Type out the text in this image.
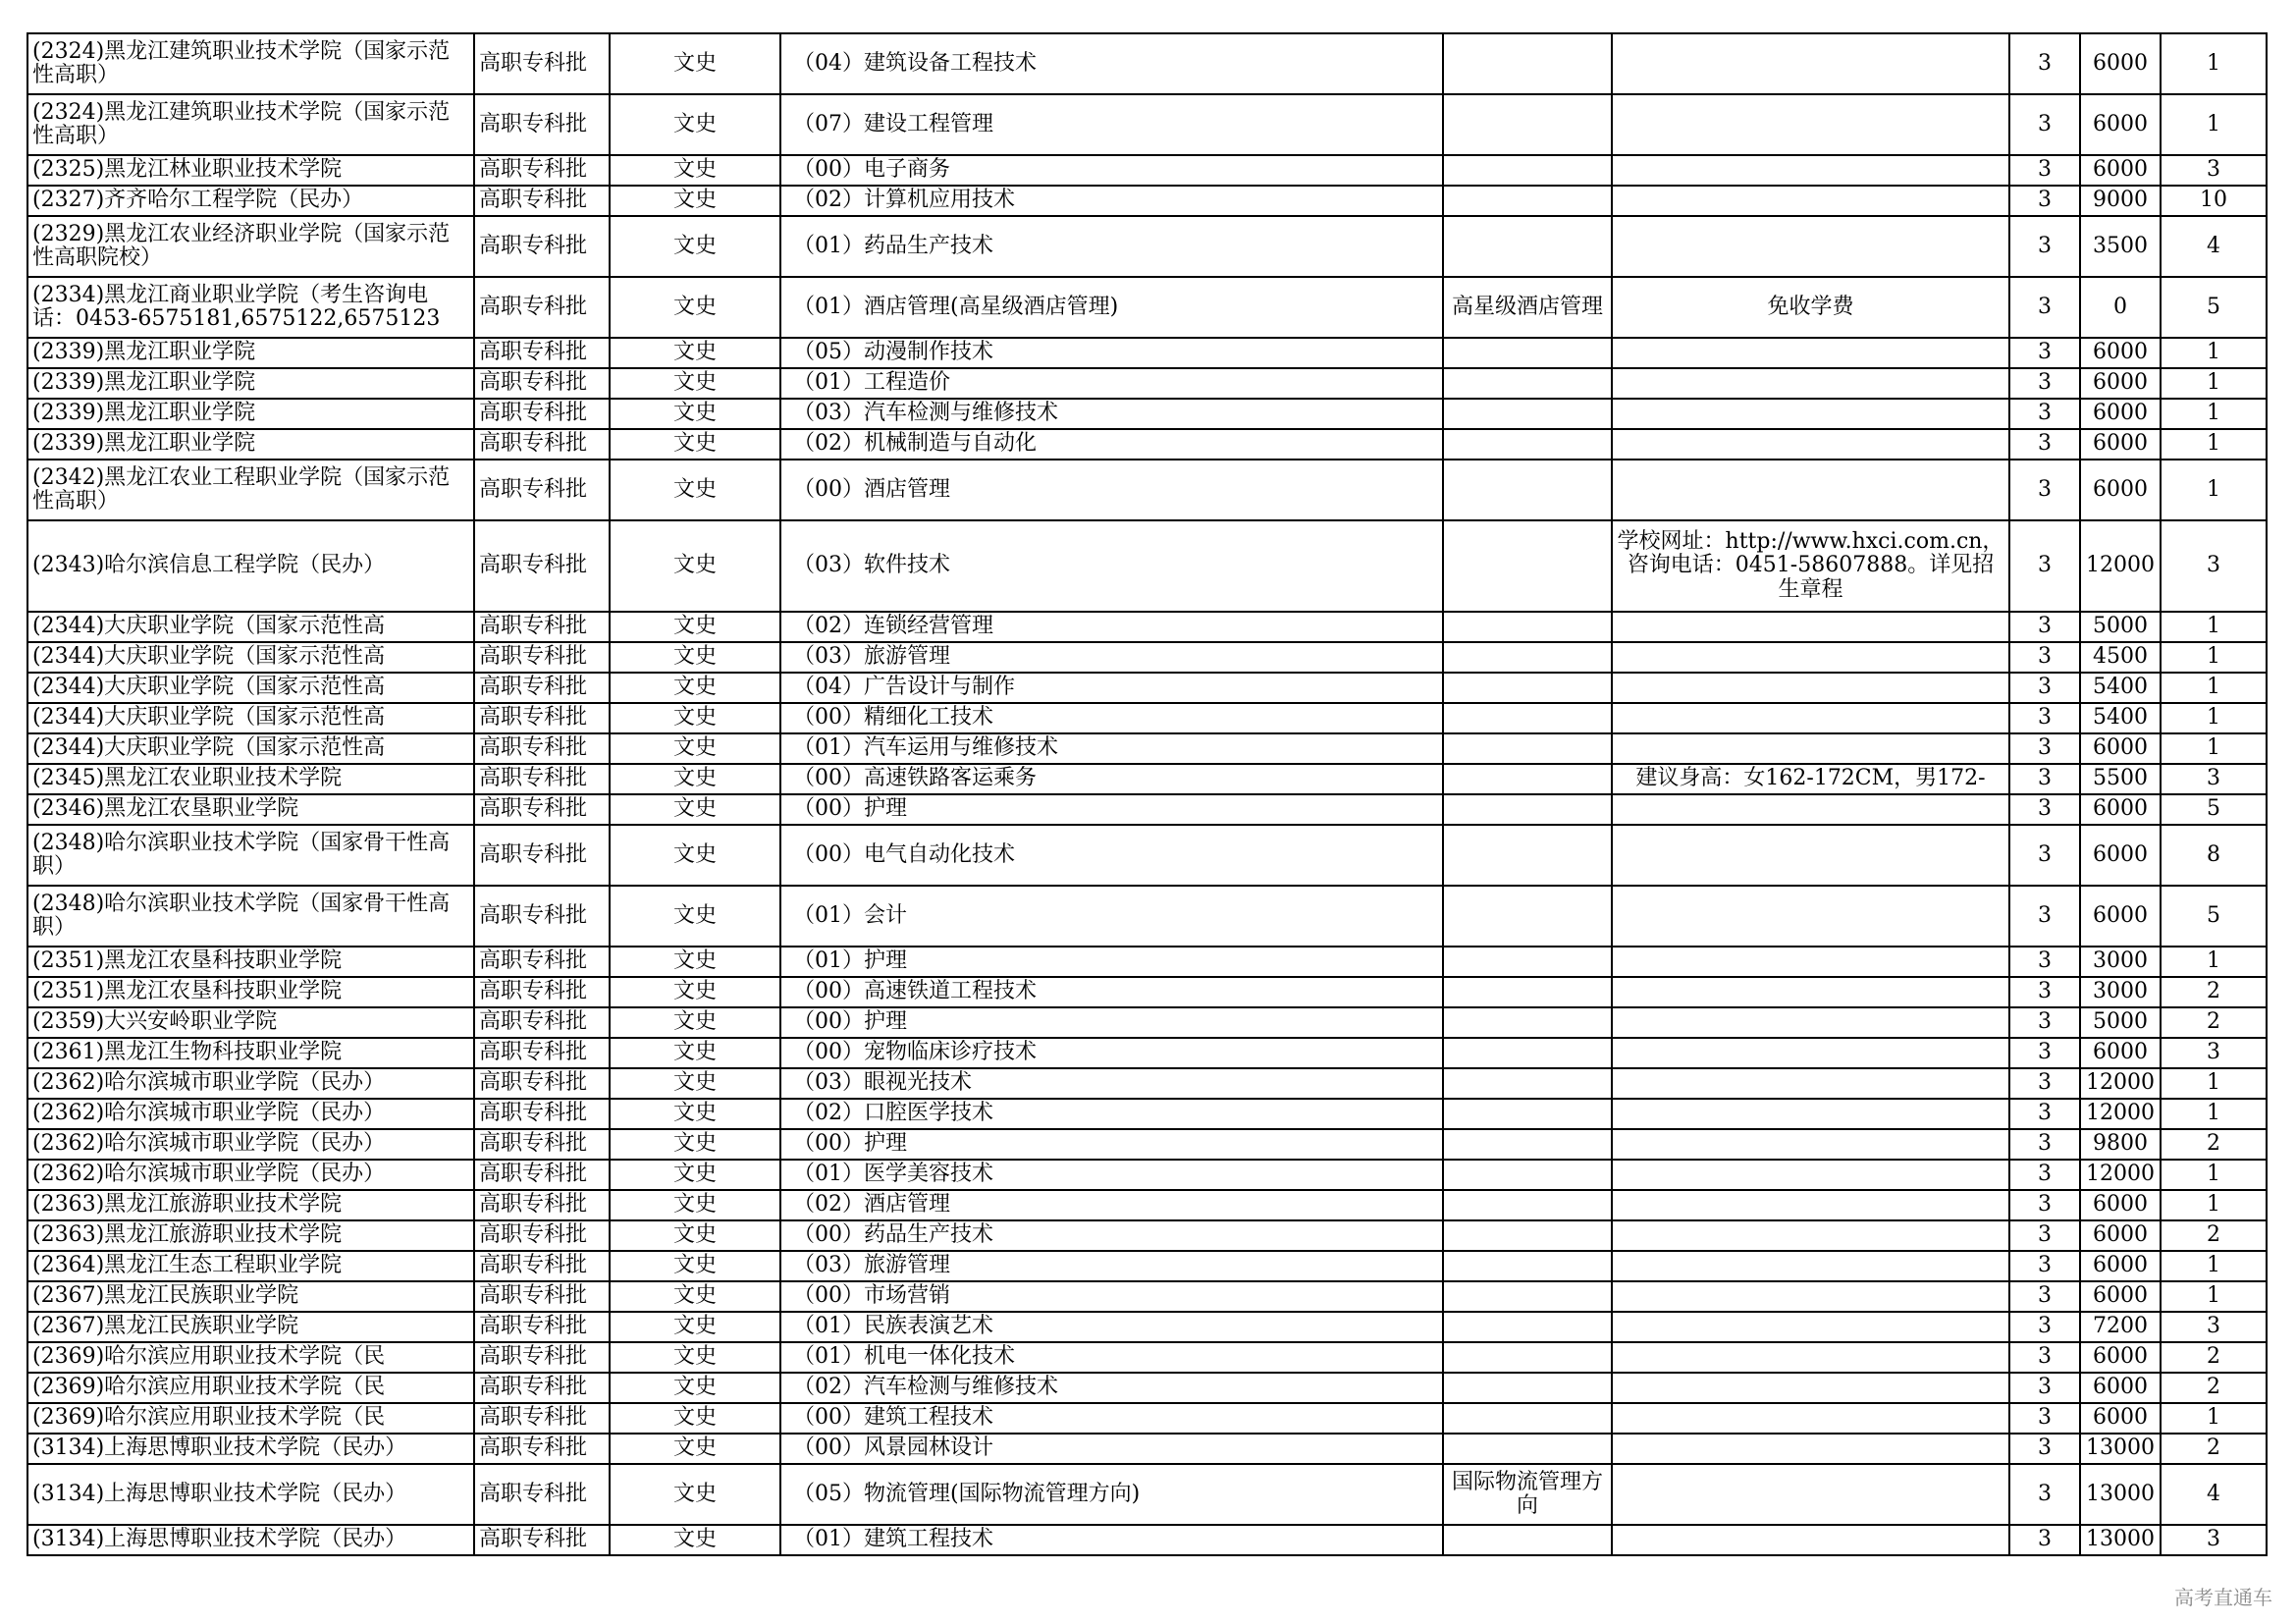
(2324)黑龙江建筑职业技术学院（国家示范性高职）	高职专科批	文史	（04）建筑设备工程技术			3	6000	1
(2324)黑龙江建筑职业技术学院（国家示范性高职）	高职专科批	文史	（07）建设工程管理			3	6000	1
(2325)黑龙江林业职业技术学院	高职专科批	文史	（00）电子商务			3	6000	3
(2327)齐齐哈尔工程学院（民办）	高职专科批	文史	（02）计算机应用技术			3	9000	10
(2329)黑龙江农业经济职业学院（国家示范性高职院校）	高职专科批	文史	（01）药品生产技术			3	3500	4
(2334)黑龙江商业职业学院（考生咨询电话：0453-6575181,6575122,6575123	高职专科批	文史	（01）酒店管理(高星级酒店管理)	高星级酒店管理	免收学费	3	0	5
(2339)黑龙江职业学院	高职专科批	文史	（05）动漫制作技术			3	6000	1
(2339)黑龙江职业学院	高职专科批	文史	（01）工程造价			3	6000	1
(2339)黑龙江职业学院	高职专科批	文史	（03）汽车检测与维修技术			3	6000	1
(2339)黑龙江职业学院	高职专科批	文史	（02）机械制造与自动化			3	6000	1
(2342)黑龙江农业工程职业学院（国家示范性高职）	高职专科批	文史	（00）酒店管理			3	6000	1
(2343)哈尔滨信息工程学院（民办）	高职专科批	文史	（03）软件技术		学校网址：http://www.hxci.com.cn，咨询电话：0451-58607888。详见招生章程	3	12000	3
(2344)大庆职业学院（国家示范性高	高职专科批	文史	（02）连锁经营管理			3	5000	1
(2344)大庆职业学院（国家示范性高	高职专科批	文史	（03）旅游管理			3	4500	1
(2344)大庆职业学院（国家示范性高	高职专科批	文史	（04）广告设计与制作			3	5400	1
(2344)大庆职业学院（国家示范性高	高职专科批	文史	（00）精细化工技术			3	5400	1
(2344)大庆职业学院（国家示范性高	高职专科批	文史	（01）汽车运用与维修技术			3	6000	1
(2345)黑龙江农业职业技术学院	高职专科批	文史	（00）高速铁路客运乘务		建议身高：女162-172CM，男172-	3	5500	3
(2346)黑龙江农垦职业学院	高职专科批	文史	（00）护理			3	6000	5
(2348)哈尔滨职业技术学院（国家骨干性高职）	高职专科批	文史	（00）电气自动化技术			3	6000	8
(2348)哈尔滨职业技术学院（国家骨干性高职）	高职专科批	文史	（01）会计			3	6000	5
(2351)黑龙江农垦科技职业学院	高职专科批	文史	（01）护理			3	3000	1
(2351)黑龙江农垦科技职业学院	高职专科批	文史	（00）高速铁道工程技术			3	3000	2
(2359)大兴安岭职业学院	高职专科批	文史	（00）护理			3	5000	2
(2361)黑龙江生物科技职业学院	高职专科批	文史	（00）宠物临床诊疗技术			3	6000	3
(2362)哈尔滨城市职业学院（民办）	高职专科批	文史	（03）眼视光技术			3	12000	1
(2362)哈尔滨城市职业学院（民办）	高职专科批	文史	（02）口腔医学技术			3	12000	1
(2362)哈尔滨城市职业学院（民办）	高职专科批	文史	（00）护理			3	9800	2
(2362)哈尔滨城市职业学院（民办）	高职专科批	文史	（01）医学美容技术			3	12000	1
(2363)黑龙江旅游职业技术学院	高职专科批	文史	（02）酒店管理			3	6000	1
(2363)黑龙江旅游职业技术学院	高职专科批	文史	（00）药品生产技术			3	6000	2
(2364)黑龙江生态工程职业学院	高职专科批	文史	（03）旅游管理			3	6000	1
(2367)黑龙江民族职业学院	高职专科批	文史	（00）市场营销			3	6000	1
(2367)黑龙江民族职业学院	高职专科批	文史	（01）民族表演艺术			3	7200	3
(2369)哈尔滨应用职业技术学院（民	高职专科批	文史	（01）机电一体化技术			3	6000	2
(2369)哈尔滨应用职业技术学院（民	高职专科批	文史	（02）汽车检测与维修技术			3	6000	2
(2369)哈尔滨应用职业技术学院（民	高职专科批	文史	（00）建筑工程技术			3	6000	1
(3134)上海思博职业技术学院（民办）	高职专科批	文史	（00）风景园林设计			3	13000	2
(3134)上海思博职业技术学院（民办）	高职专科批	文史	（05）物流管理(国际物流管理方向)	国际物流管理方向		3	13000	4
(3134)上海思博职业技术学院（民办）	高职专科批	文史	（01）建筑工程技术			3	13000	3
高考直通车
